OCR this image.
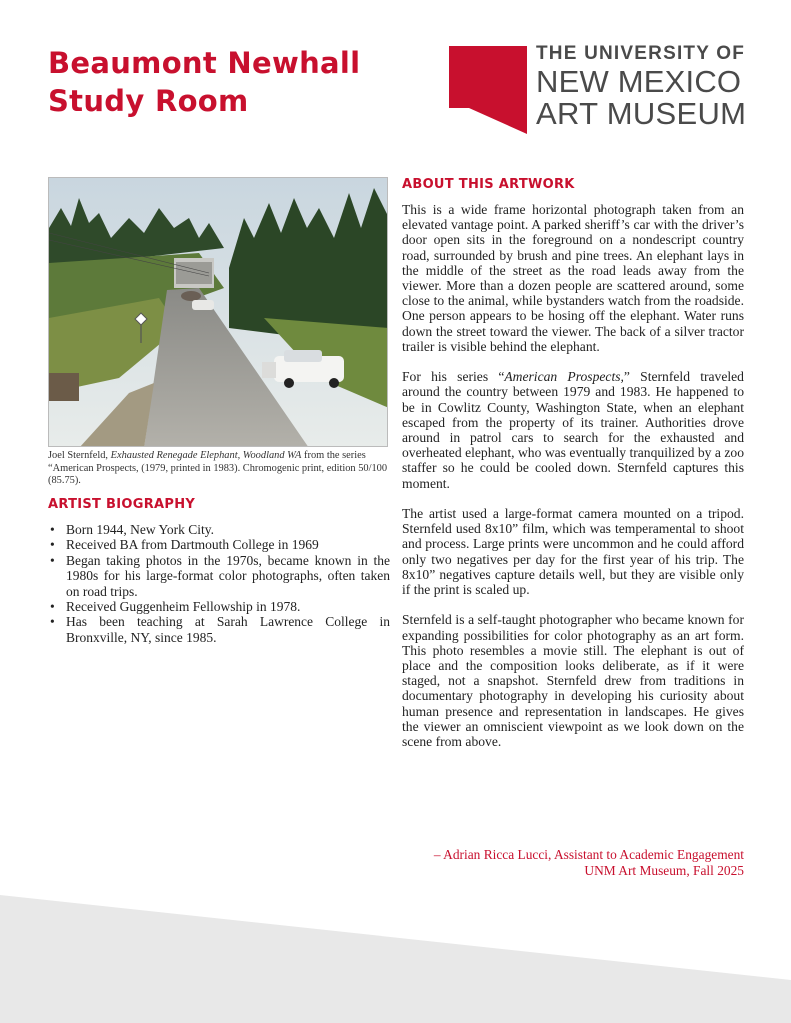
Beaumont Newhall
Study Room
THE UNIVERSITY OF
NEW MEXICO
ART MUSEUM
Joel Sternfeld, Exhausted Renegade Elephant, Woodland WA from the series “American Prospects, (1979, printed in 1983). Chromogenic print, edition 50/100 (85.75).
ARTIST BIOGRAPHY
• Born 1944, New York City.
• Received BA from Dartmouth College in 1969
• Began taking photos in the 1970s, became known in the 1980s for his large-format color photographs, often taken on road trips.
• Received Guggenheim Fellowship in 1978.
• Has been teaching at Sarah Lawrence College in Bronxville, NY, since 1985.
ABOUT THIS ARTWORK

This is a wide frame horizontal photograph taken from an elevated vantage point. A parked sheriff’s car with the driver’s door open sits in the foreground on a nondescript country road, surrounded by brush and pine trees. An elephant lays in the middle of the street as the road leads away from the viewer. More than a dozen people are scattered around, some close to the animal, while bystanders watch from the roadside. One person appears to be hosing off the elephant. Water runs down the street toward the viewer. The back of a silver tractor trailer is visible behind the elephant.

For his series “American Prospects,” Sternfeld traveled around the country between 1979 and 1983. He happened to be in Cowlitz County, Washington State, when an elephant escaped from the property of its trainer. Authorities drove around in patrol cars to search for the exhausted and overheated elephant, who was eventually tranquilized by a zoo staffer so he could be cooled down. Sternfeld captures this moment.

The artist used a large-format camera mounted on a tripod. Sternfeld used 8x10” film, which was temperamental to shoot and process. Large prints were uncommon and he could afford only two negatives per day for the first year of his trip. The 8x10” negatives capture details well, but they are visible only if the print is scaled up.

Sternfeld is a self-taught photographer who became known for expanding possibilities for color photography as an art form. This photo resembles a movie still. The elephant is out of place and the composition looks deliberate, as if it were staged, not a snapshot. Sternfeld drew from traditions in documentary photography in developing his curiosity about human presence and representation in landscapes. He gives the viewer an omniscient viewpoint as we look down on the scene from above.

– Adrian Ricca Lucci, Assistant to Academic Engagement
UNM Art Museum, Fall 2025
